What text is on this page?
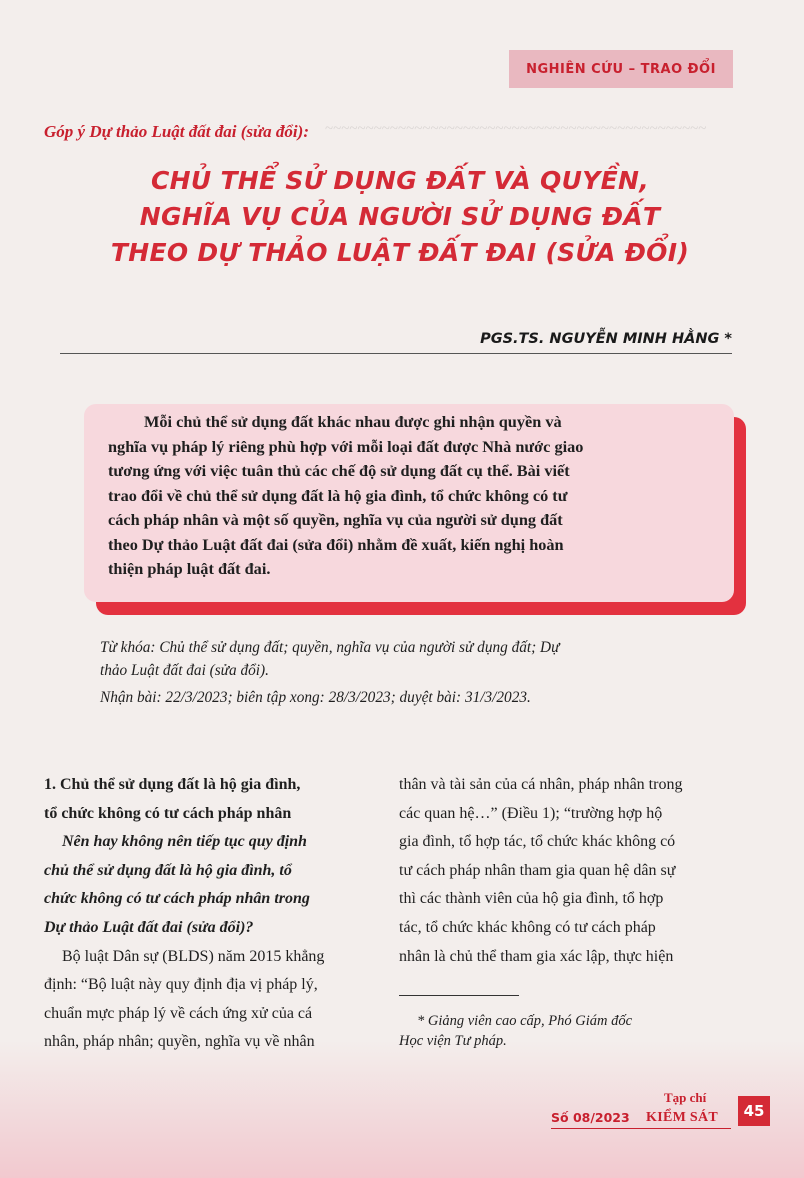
~~~~~~~~~~~~~~~~~~~~~~~~~~~~~~~~~~~~~~~~~~~~~~~
NGHIÊN CỨU – TRAO ĐỔI
Góp ý Dự thảo Luật đất đai (sửa đổi):
CHỦ THỂ SỬ DỤNG ĐẤT VÀ QUYỀN,
NGHĨA VỤ CỦA NGƯỜI SỬ DỤNG ĐẤT
THEO DỰ THẢO LUẬT ĐẤT ĐAI (SỬA ĐỔI)
PGS.TS. NGUYỄN MINH HẰNG *
Mỗi chủ thể sử dụng đất khác nhau được ghi nhận quyền và
nghĩa vụ pháp lý riêng phù hợp với mỗi loại đất được Nhà nước giao
tương ứng với việc tuân thủ các chế độ sử dụng đất cụ thể. Bài viết
trao đổi về chủ thể sử dụng đất là hộ gia đình, tổ chức không có tư
cách pháp nhân và một số quyền, nghĩa vụ của người sử dụng đất
theo Dự thảo Luật đất đai (sửa đổi) nhằm đề xuất, kiến nghị hoàn
thiện pháp luật đất đai.
Từ khóa: Chủ thể sử dụng đất; quyền, nghĩa vụ của người sử dụng đất; Dự
thảo Luật đất đai (sửa đổi).
Nhận bài: 22/3/2023; biên tập xong: 28/3/2023; duyệt bài: 31/3/2023.
1. Chủ thể sử dụng đất là hộ gia đình,
tổ chức không có tư cách pháp nhân
Nên hay không nên tiếp tục quy định
chủ thể sử dụng đất là hộ gia đình, tổ
chức không có tư cách pháp nhân trong
Dự thảo Luật đất đai (sửa đổi)?
Bộ luật Dân sự (BLDS) năm 2015 khẳng
định: “Bộ luật này quy định địa vị pháp lý,
chuẩn mực pháp lý về cách ứng xử của cá
nhân, pháp nhân; quyền, nghĩa vụ về nhân
thân và tài sản của cá nhân, pháp nhân trong
các quan hệ…” (Điều 1); “trường hợp hộ
gia đình, tổ hợp tác, tổ chức khác không có
tư cách pháp nhân tham gia quan hệ dân sự
thì các thành viên của hộ gia đình, tổ hợp
tác, tổ chức khác không có tư cách pháp
nhân là chủ thể tham gia xác lập, thực hiện
* Giảng viên cao cấp, Phó Giám đốc
Học viện Tư pháp.
Tạp chí
Số 08/2023 KIỂM SÁT	45
